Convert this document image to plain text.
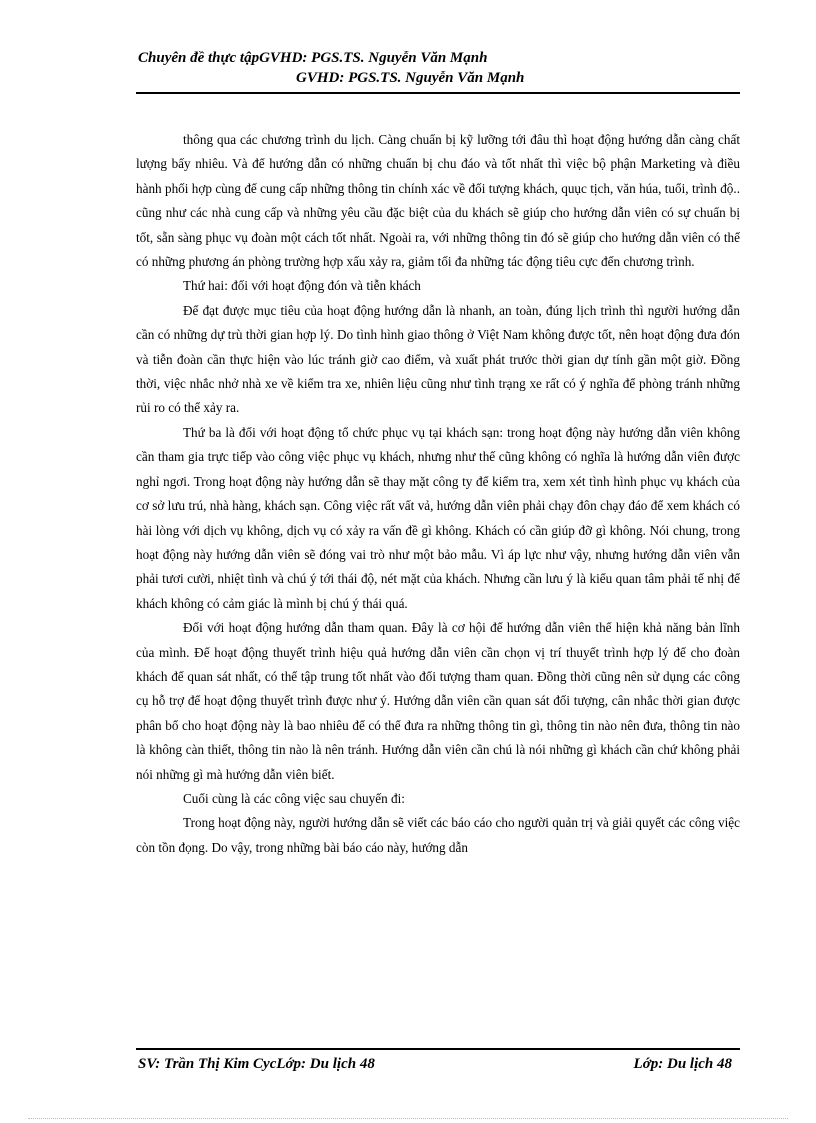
Chuyên đề thực tậpGVHD: PGS.TS. Nguyễn Văn Mạnh
GVHD: PGS.TS. Nguyễn Văn Mạnh

thông qua các chương trình du lịch. Càng chuẩn bị kỹ lưỡng tới đâu thì hoạt động hướng dẫn càng chất lượng bấy nhiêu. Và để hướng dẫn có những chuẩn bị chu đáo và tốt nhất thì việc bộ phận Marketing và điều hành phối hợp cùng để cung cấp những thông tin chính xác về đối tượng khách, quục tịch, văn húa, tuổi, trình độ.. cũng như các nhà cung cấp và những yêu cầu đặc biệt của du khách sẽ giúp cho hướng dẫn viên có sự chuẩn bị tốt, sẵn sàng phục vụ đoàn một cách tốt nhất. Ngoài ra, với những thông tin đó sẽ giúp cho hướng dẫn viên có thể có những phương án phòng trường hợp xấu xảy ra, giảm tối đa những tác động tiêu cực đến chương trình.

Thứ hai: đối với hoạt động đón và tiễn khách

Để đạt được mục tiêu của hoạt động hướng dẫn là nhanh, an toàn, đúng lịch trình thì người hướng dẫn cần có những dự trù thời gian hợp lý. Do tình hình giao thông ở Việt Nam không được tốt, nên hoạt động đưa đón và tiễn đoàn cần thực hiện vào lúc tránh giờ cao điểm, và xuất phát trước thời gian dự tính gần một giờ. Đồng thời, việc nhắc nhở nhà xe về kiểm tra xe, nhiên liệu cũng như tình trạng xe rất có ý nghĩa để phòng tránh những rủi ro có thể xảy ra.

Thứ ba là đối với hoạt động tổ chức phục vụ tại khách sạn: trong hoạt động này hướng dẫn viên không cần tham gia trực tiếp vào công việc phục vụ khách, nhưng như thế cũng không có nghĩa là hướng dẫn viên được nghỉ ngơi. Trong hoạt động này hướng dẫn sẽ thay mặt công ty để kiểm tra, xem xét tình hình phục vụ khách của cơ sở lưu trú, nhà hàng, khách sạn. Công việc rất vất vả, hướng dẫn viên phải chạy đôn chạy đáo để xem khách có hài lòng với dịch vụ không, dịch vụ có xảy ra vấn đề gì không. Khách có cần giúp đỡ gì không. Nói chung, trong hoạt động này hướng dẫn viên sẽ đóng vai trò như một bảo mẫu. Vì áp lực như vậy, nhưng hướng dẫn viên vẫn phải tươi cười, nhiệt tình và chú ý tới thái độ, nét mặt của khách. Nhưng cần lưu ý là kiểu quan tâm phải tế nhị để khách không có cảm giác là mình bị chú ý thái quá.

Đối với hoạt động hướng dẫn tham quan. Đây là cơ hội để hướng dẫn viên thể hiện khả năng bản lĩnh của mình. Để hoạt động thuyết trình hiệu quả hướng dẫn viên cần chọn vị trí thuyết trình hợp lý để cho đoàn khách để quan sát nhất, có thể tập trung tốt nhất vào đối tượng tham quan. Đồng thời cũng nên sử dụng các công cụ hỗ trợ để hoạt động thuyết trình được như ý. Hướng dẫn viên cần quan sát đối tượng, cân nhắc thời gian được phân bổ cho hoạt động này là bao nhiêu để có thể đưa ra những thông tin gì, thông tin nào nên đưa, thông tin nào là không càn thiết, thông tin nào là nên tránh. Hướng dẫn viên cần chú là nói những gì khách cần chứ không phải nói những gì mà hướng dẫn viên biết.

Cuối cùng là các công việc sau chuyến đi:

Trong hoạt động này, người hướng dẫn sẽ viết các báo cáo cho người quản trị và giải quyết các công việc còn tồn đọng. Do vậy, trong những bài báo cáo này, hướng dẫn

SV: Trần Thị Kim CycLớp: Du lịch 48	Lớp: Du lịch 48
